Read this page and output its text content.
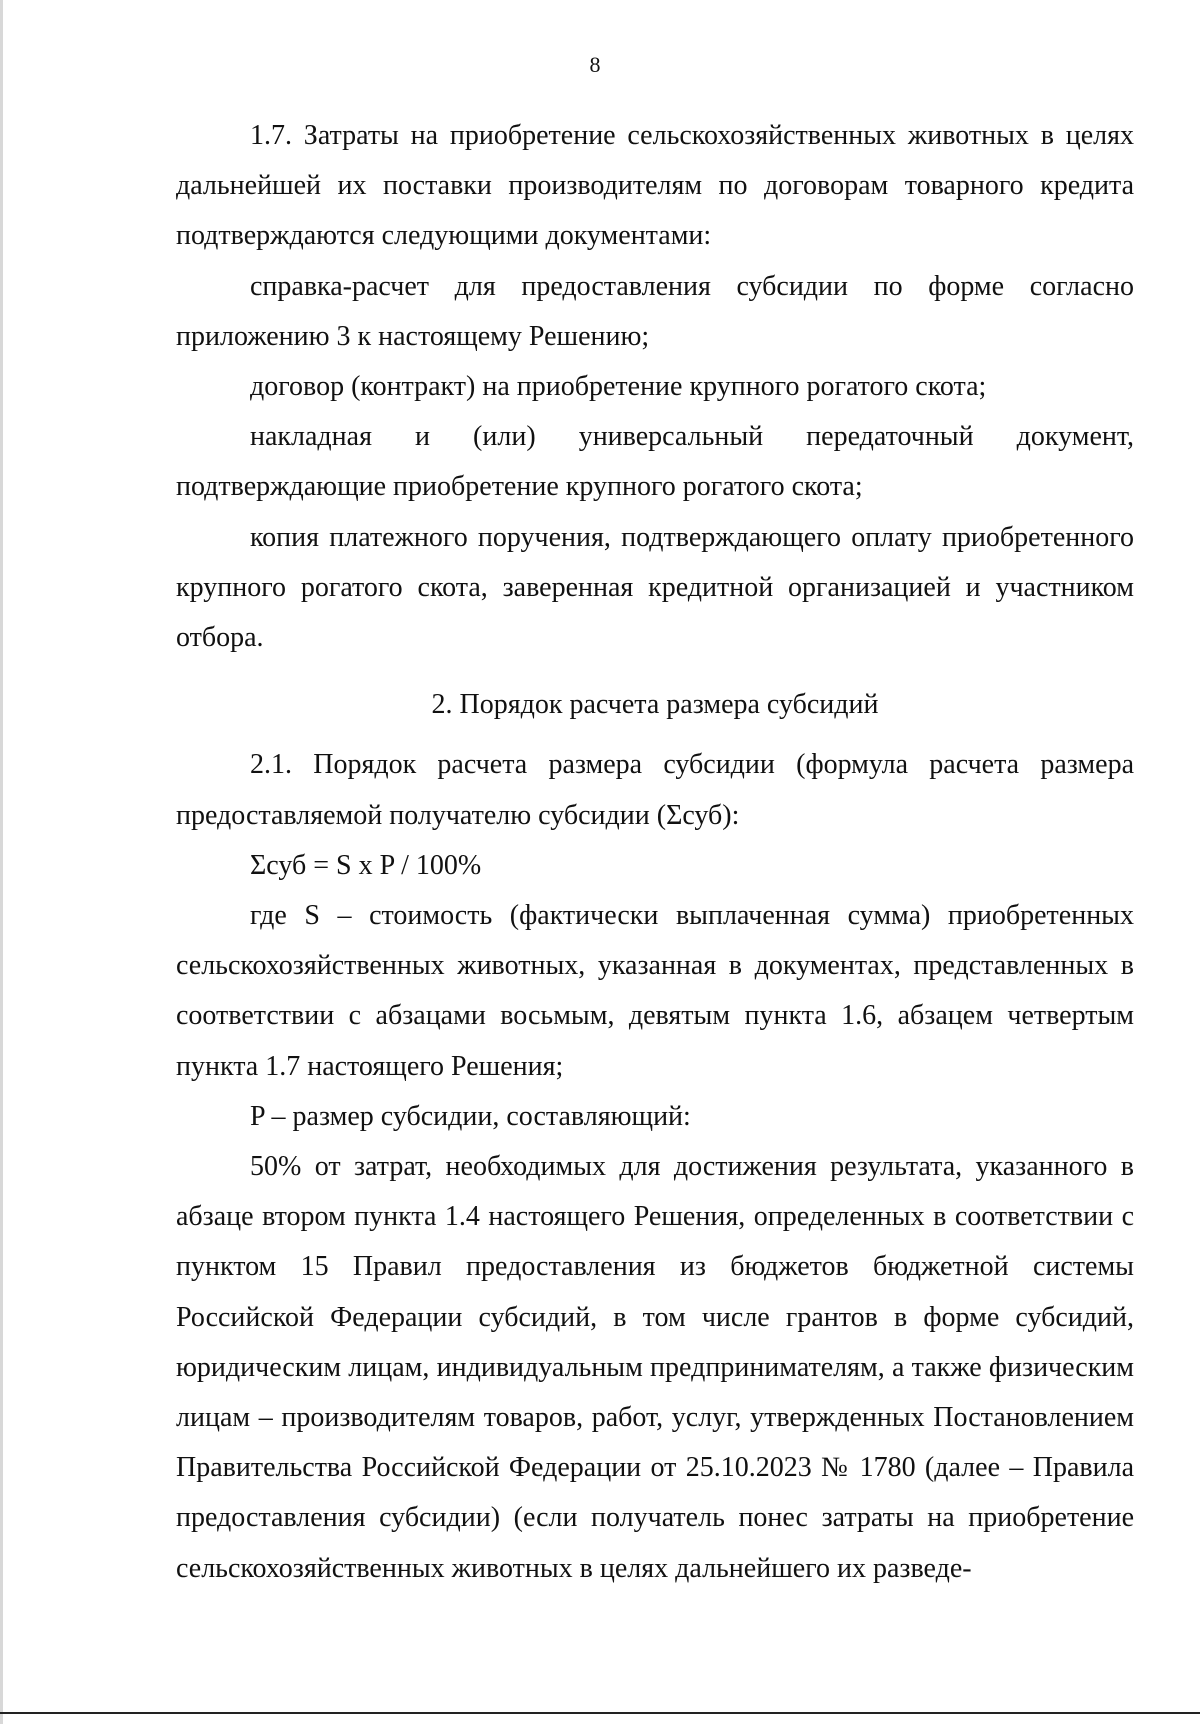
8

1.7. Затраты на приобретение сельскохозяйственных животных в целях дальнейшей их поставки производителям по договорам товарного кредита подтверждаются следующими документами:

справка-расчет для предоставления субсидии по форме согласно приложению 3 к настоящему Решению;

договор (контракт) на приобретение крупного рогатого скота;

накладная и (или) универсальный передаточный документ, подтверждающие приобретение крупного рогатого скота;

копия платежного поручения, подтверждающего оплату приобретенного крупного рогатого скота, заверенная кредитной организацией и участником отбора.

2. Порядок расчета размера субсидий

2.1. Порядок расчета размера субсидии (формула расчета размера предоставляемой получателю субсидии (Σсуб):

Σсуб = S x P / 100%

где S – стоимость (фактически выплаченная сумма) приобретенных сельскохозяйственных животных, указанная в документах, представленных в соответствии с абзацами восьмым, девятым пункта 1.6, абзацем четвертым пункта 1.7 настоящего Решения;

P – размер субсидии, составляющий:

50% от затрат, необходимых для достижения результата, указанного в абзаце втором пункта 1.4 настоящего Решения, определенных в соответствии с пунктом 15 Правил предоставления из бюджетов бюджетной системы Российской Федерации субсидий, в том числе грантов в форме субсидий, юридическим лицам, индивидуальным предпринимателям, а также физическим лицам – производителям товаров, работ, услуг, утвержденных Постановлением Правительства Российской Федерации от 25.10.2023 № 1780 (далее – Правила предоставления субсидии) (если получатель понес затраты на приобретение сельскохозяйственных животных в целях дальнейшего их разведе-
